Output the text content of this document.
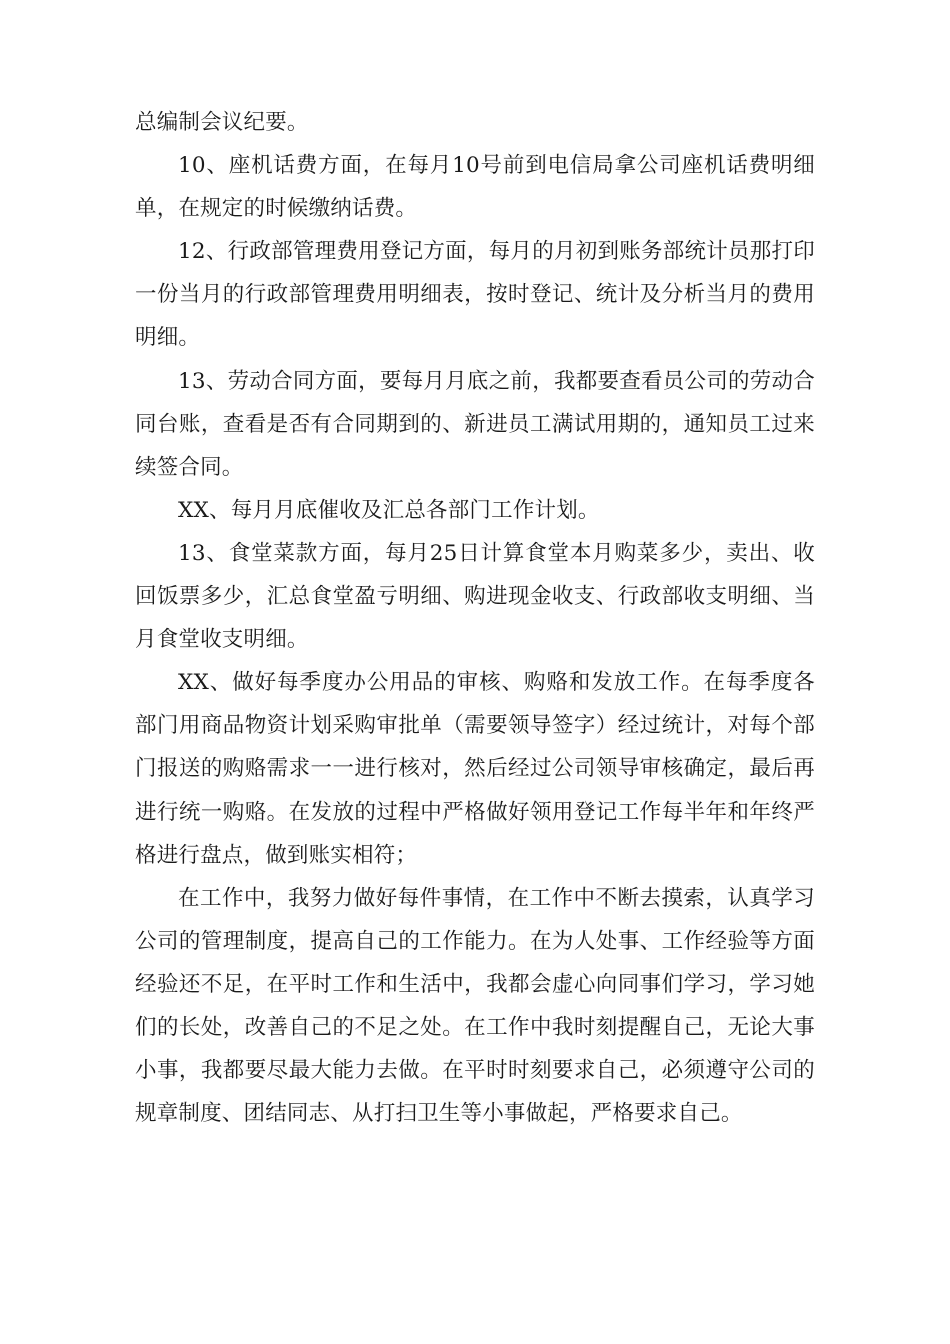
总编制会议纪要。

10、座机话费方面，在每月10号前到电信局拿公司座机话费明细单，在规定的时候缴纳话费。

12、行政部管理费用登记方面，每月的月初到账务部统计员那打印一份当月的行政部管理费用明细表，按时登记、统计及分析当月的费用明细。

13、劳动合同方面，要每月月底之前，我都要查看员公司的劳动合同台账，查看是否有合同期到的、新进员工满试用期的，通知员工过来续签合同。

XX、每月月底催收及汇总各部门工作计划。

13、食堂菜款方面，每月25日计算食堂本月购菜多少，卖出、收回饭票多少，汇总食堂盈亏明细、购进现金收支、行政部收支明细、当月食堂收支明细。

XX、做好每季度办公用品的审核、购赂和发放工作。在每季度各部门用商品物资计划采购审批单（需要领导签字）经过统计，对每个部门报送的购赂需求一一进行核对，然后经过公司领导审核确定，最后再进行统一购赂。在发放的过程中严格做好领用登记工作每半年和年终严格进行盘点，做到账实相符；

在工作中，我努力做好每件事情，在工作中不断去摸索，认真学习公司的管理制度，提高自己的工作能力。在为人处事、工作经验等方面经验还不足，在平时工作和生活中，我都会虚心向同事们学习，学习她们的长处，改善自己的不足之处。在工作中我时刻提醒自己，无论大事小事，我都要尽最大能力去做。在平时时刻要求自己，必须遵守公司的规章制度、团结同志、从打扫卫生等小事做起，严格要求自己。
